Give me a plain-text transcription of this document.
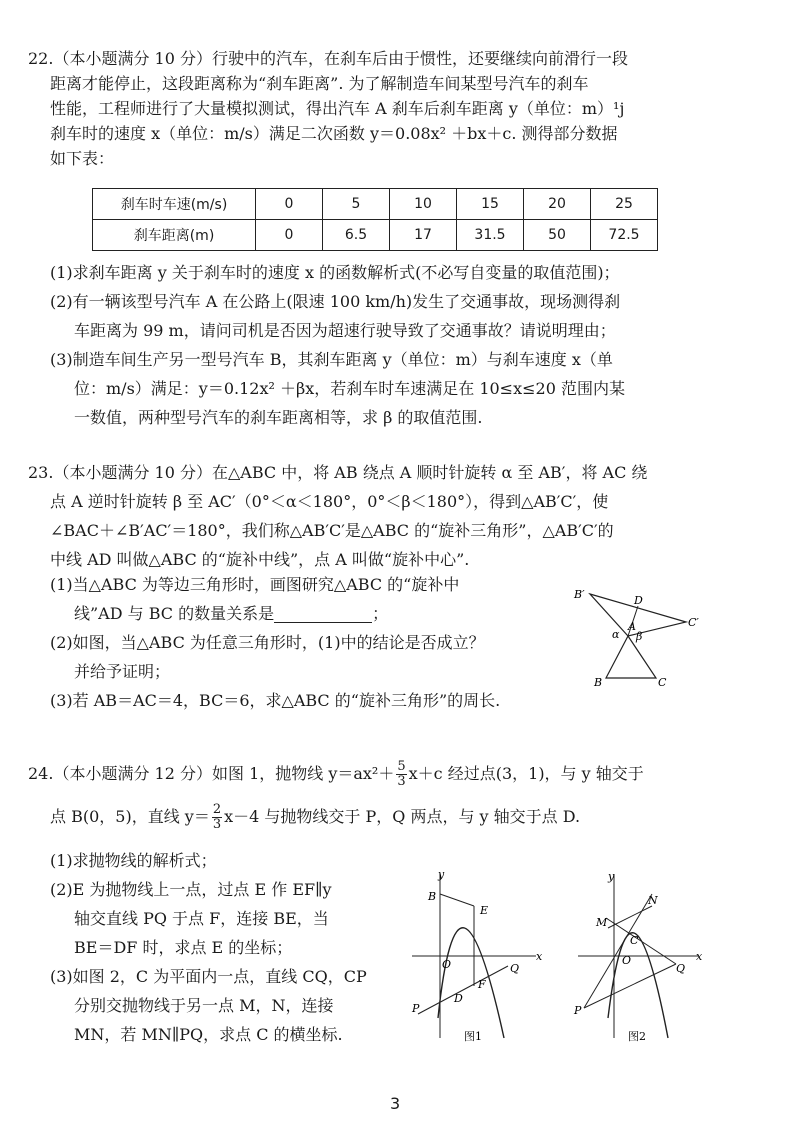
22.（本小题满分 10 分）行驶中的汽车，在刹车后由于惯性，还要继续向前滑行一段
距离才能停止，这段距离称为“刹车距离”. 为了解制造车间某型号汽车的刹车
性能，工程师进行了大量模拟测试，得出汽车 A 刹车后刹车距离 y（单位：m）¹j
刹车时的速度 x（单位：m/s）满足二次函数 y＝0.08x² ＋bx＋c. 测得部分数据
如下表：
刹车时车速(m/s)	0	5	10	15	20	25
刹车距离(m)	0	6.5	17	31.5	50	72.5
(1)求刹车距离 y 关于刹车时的速度 x 的函数解析式(不必写自变量的取值范围)；
(2)有一辆该型号汽车 A 在公路上(限速 100 km/h)发生了交通事故，现场测得刹
车距离为 99 m，请问司机是否因为超速行驶导致了交通事故？请说明理由；
(3)制造车间生产另一型号汽车 B，其刹车距离 y（单位：m）与刹车速度 x（单
位：m/s）满足：y＝0.12x² ＋βx，若刹车时车速满足在 10≤x≤20 范围内某
一数值，两种型号汽车的刹车距离相等，求 β 的取值范围.
23.（本小题满分 10 分）在△ABC 中，将 AB 绕点 A 顺时针旋转 α 至 AB′，将 AC 绕
点 A 逆时针旋转 β 至 AC′（0°＜α＜180°，0°＜β＜180°），得到△AB′C′，使
∠BAC＋∠B′AC′＝180°，我们称△AB′C′是△ABC 的“旋补三角形”，△AB′C′的
中线 AD 叫做△ABC 的“旋补中线”，点 A 叫做“旋补中心”.
(1)当△ABC 为等边三角形时，画图研究△ABC 的“旋补中
线”AD 与 BC 的数量关系是	；
(2)如图，当△ABC 为任意三角形时，(1)中的结论是否成立？
并给予证明；
(3)若 AB＝AC＝4，BC＝6，求△ABC 的“旋补三角形”的周长.
B′	D
C′
α
A
β
B	C
24.（本小题满分 12 分）如图 1，抛物线 $y=ax^2+ \frac{5}{3} x+c$ 经过点(3，1)，与 y 轴交于
点 B(0，5)，直线 $y= \frac{2}{3} x-4$ 与抛物线交于 P，Q 两点，与 y 轴交于点 D.
(1)求抛物线的解析式；
(2)E 为抛物线上一点，过点 E 作 EF∥y
轴交直线 PQ 于点 F，连接 BE，当
BE＝DF 时，求点 E 的坐标；
(3)如图 2，C 为平面内一点，直线 CQ，CP
分别交抛物线于另一点 M，N，连接
MN，若 MN∥PQ，求点 C 的横坐标.
y
B
E
O
x
Q
F
D
P
图1
y
N
M
C
O	x
Q
P
图2
3
